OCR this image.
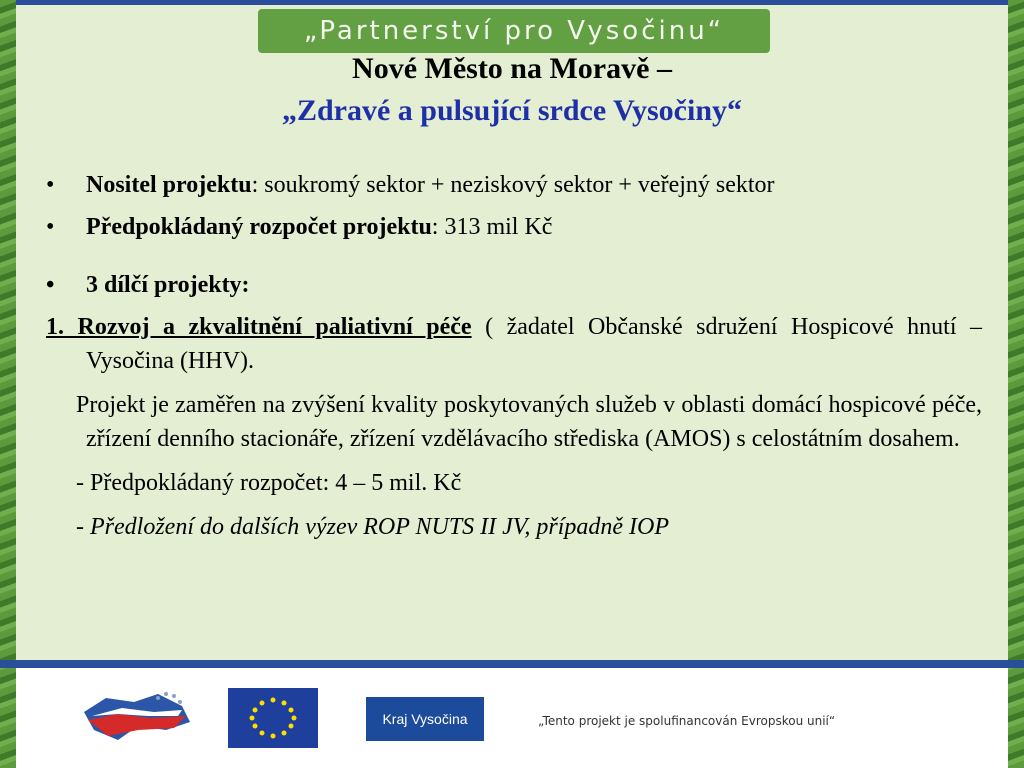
„Partnerství pro Vysočinu“
Nové Město na Moravě –
„Zdravé a pulsující srdce Vysočiny“
• Nositel projektu: soukromý sektor + neziskový sektor + veřejný sektor
• Předpokládaný rozpočet projektu: 313 mil Kč
• 3 dílčí projekty:
1. Rozvoj a zkvalitnění paliativní péče ( žadatel Občanské sdružení Hospicové hnutí – Vysočina (HHV).
Projekt je zaměřen na zvýšení kvality poskytovaných služeb v oblasti domácí hospicové péče, zřízení denního stacionáře, zřízení vzdělávacího střediska (AMOS) s celostátním dosahem.
- Předpokládaný rozpočet: 4 – 5 mil. Kč
- Předložení do dalších výzev ROP NUTS II JV, případně IOP
Kraj Vysočina	„Tento projekt je spolufinancován Evropskou unií“
